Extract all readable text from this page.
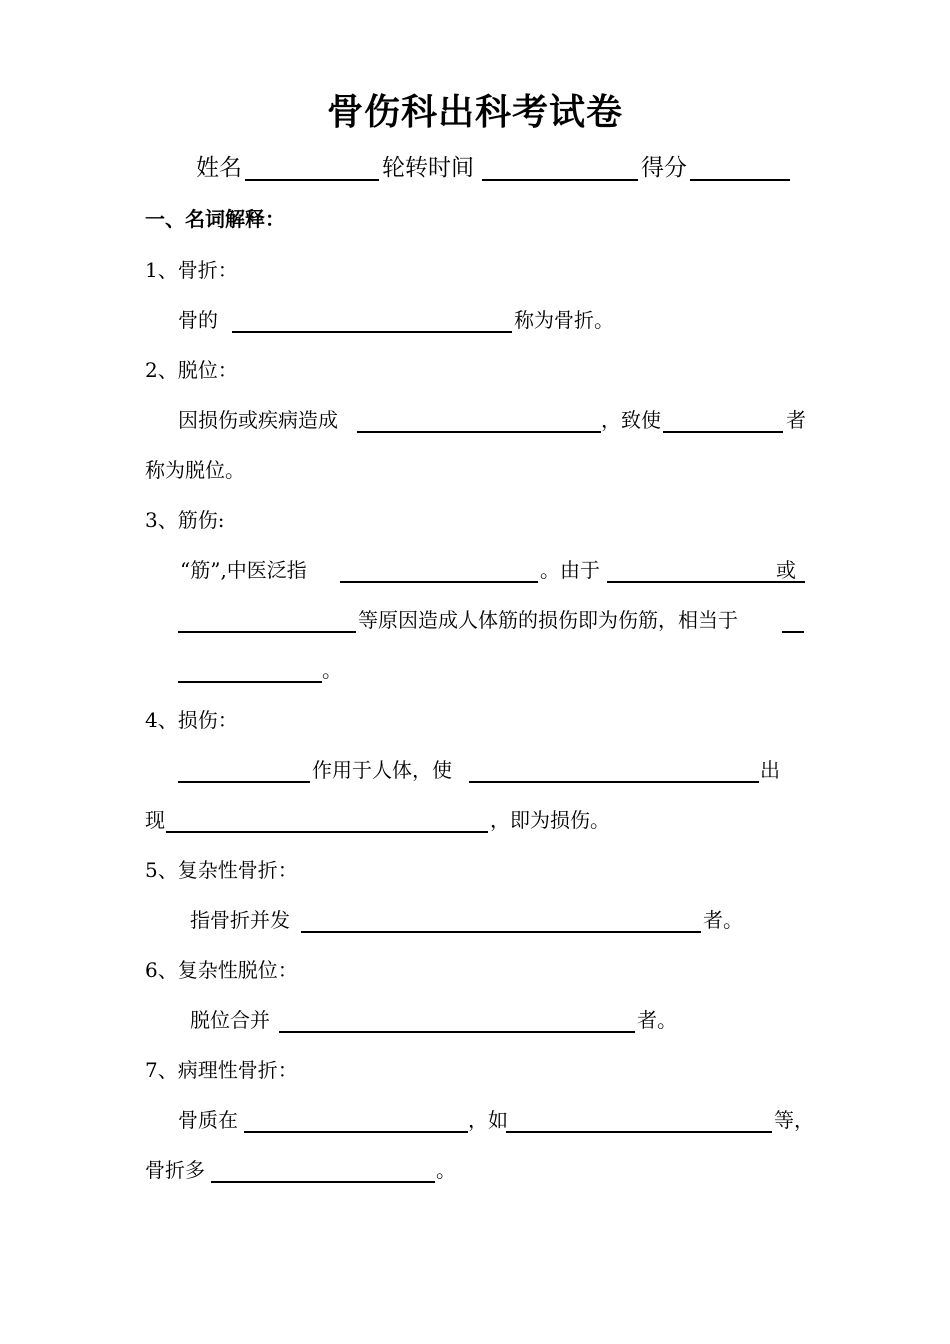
骨伤科出科考试卷
姓名	轮转时间	得分
一、名词解释：
1、骨折：
骨的	称为骨折。
2、脱位：
因损伤或疾病造成	，致使	者
称为脱位。
3、筋伤:
“筋”,中医泛指	。由于	或
等原因造成人体筋的损伤即为伤筋，相当于
。
4、损伤：
作用于人体，使	出
现	，即为损伤。
5、复杂性骨折：
指骨折并发	者。
6、复杂性脱位：
脱位合并	者。
7、病理性骨折：
骨质在	，如	等，
骨折多	。
